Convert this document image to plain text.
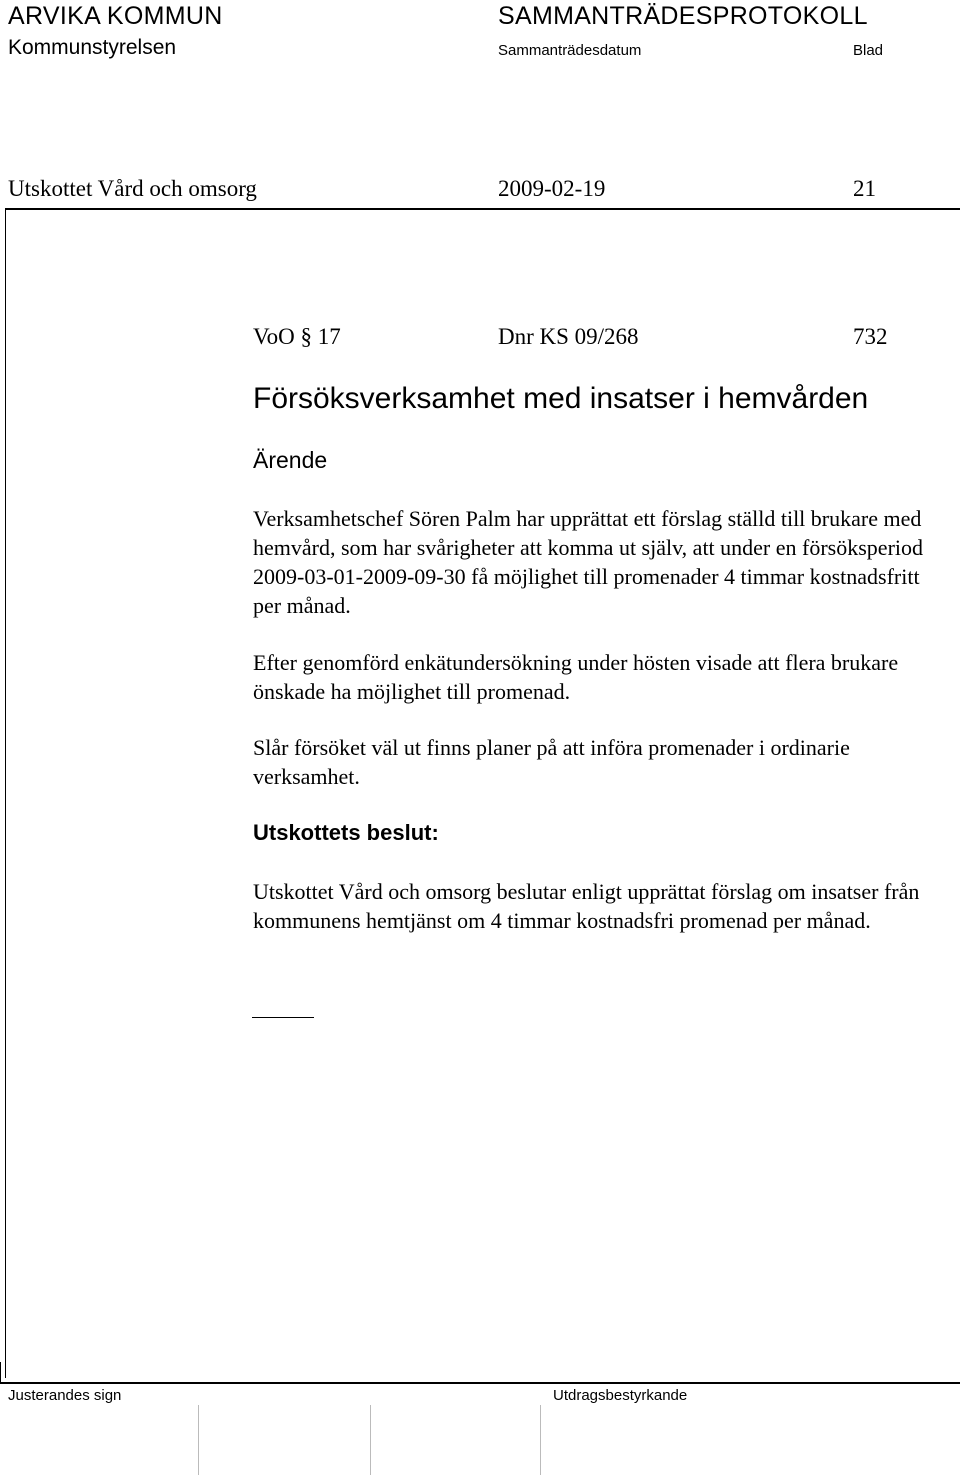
ARVIKA KOMMUN
Kommunstyrelsen
SAMMANTRÄDESPROTOKOLL
Sammanträdesdatum	Blad
Utskottet Vård och omsorg	2009-02-19	21
VoO § 17	Dnr KS 09/268	732
Försöksverksamhet med insatser i hemvården
Ärende
Verksamhetschef Sören Palm har upprättat ett förslag ställd till brukare med hemvård, som har svårigheter att komma ut själv, att under en försöksperiod 2009-03-01-2009-09-30 få möjlighet till promenader 4 timmar kostnadsfritt per månad.
Efter genomförd enkätundersökning under hösten visade att flera brukare önskade ha möjlighet till promenad.
Slår försöket väl ut finns planer på att införa promenader i ordinarie verksamhet.
Utskottets beslut:
Utskottet Vård och omsorg beslutar enligt upprättat förslag om insatser från kommunens hemtjänst om 4 timmar kostnadsfri promenad per månad.
Justerandes sign	Utdragsbestyrkande
